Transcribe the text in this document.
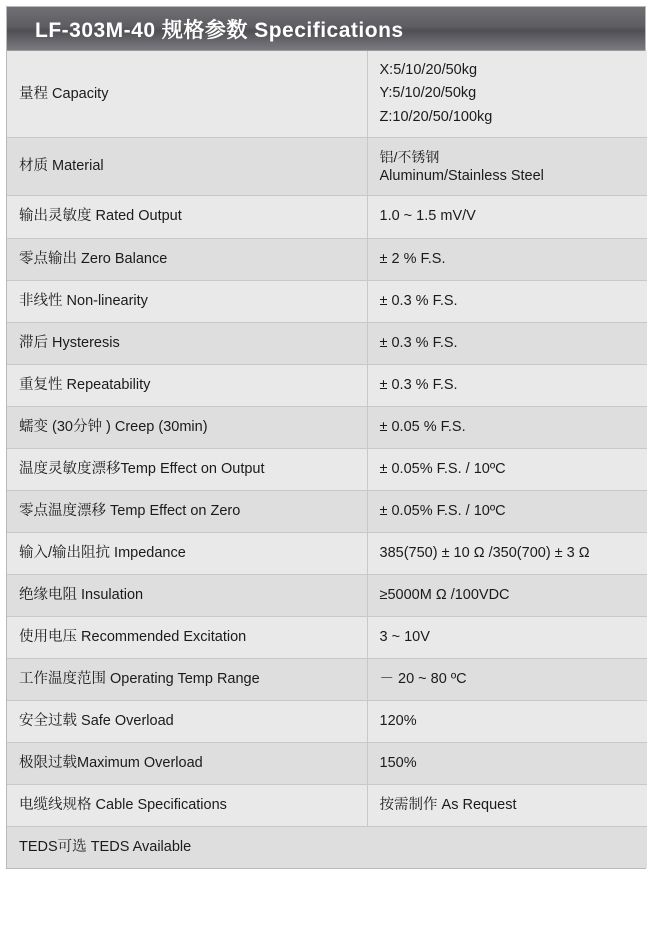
LF-303M-40 规格参数 Specifications
量程 Capacity	X:5/10/20/50kg
Y:5/10/20/50kg
Z:10/20/50/100kg

材质 Material	铝/不锈钢
Aluminum/Stainless Steel

输出灵敏度 Rated Output	1.0 ~ 1.5 mV/V
零点输出 Zero Balance	± 2 % F.S.
非线性 Non-linearity	± 0.3 % F.S.
滞后 Hysteresis	± 0.3 % F.S.
重复性 Repeatability	± 0.3 % F.S.
蠕变 (30分钟 ) Creep (30min)	± 0.05 % F.S.
温度灵敏度漂移Temp Effect on Output	± 0.05% F.S. / 10ºC
零点温度漂移 Temp Effect on Zero	± 0.05% F.S. / 10ºC
输入/输出阻抗 Impedance	385(750) ± 10 Ω /350(700) ± 3 Ω
绝缘电阻 Insulation	≥5000M Ω /100VDC
使用电压 Recommended Excitation	3 ~ 10V
工作温度范围 Operating Temp Range	－ 20 ~ 80 ºC
安全过载 Safe Overload	120%
极限过载Maximum Overload	150%
电缆线规格 Cable Specifications	按需制作 As Request
TEDS可选 TEDS Available	
